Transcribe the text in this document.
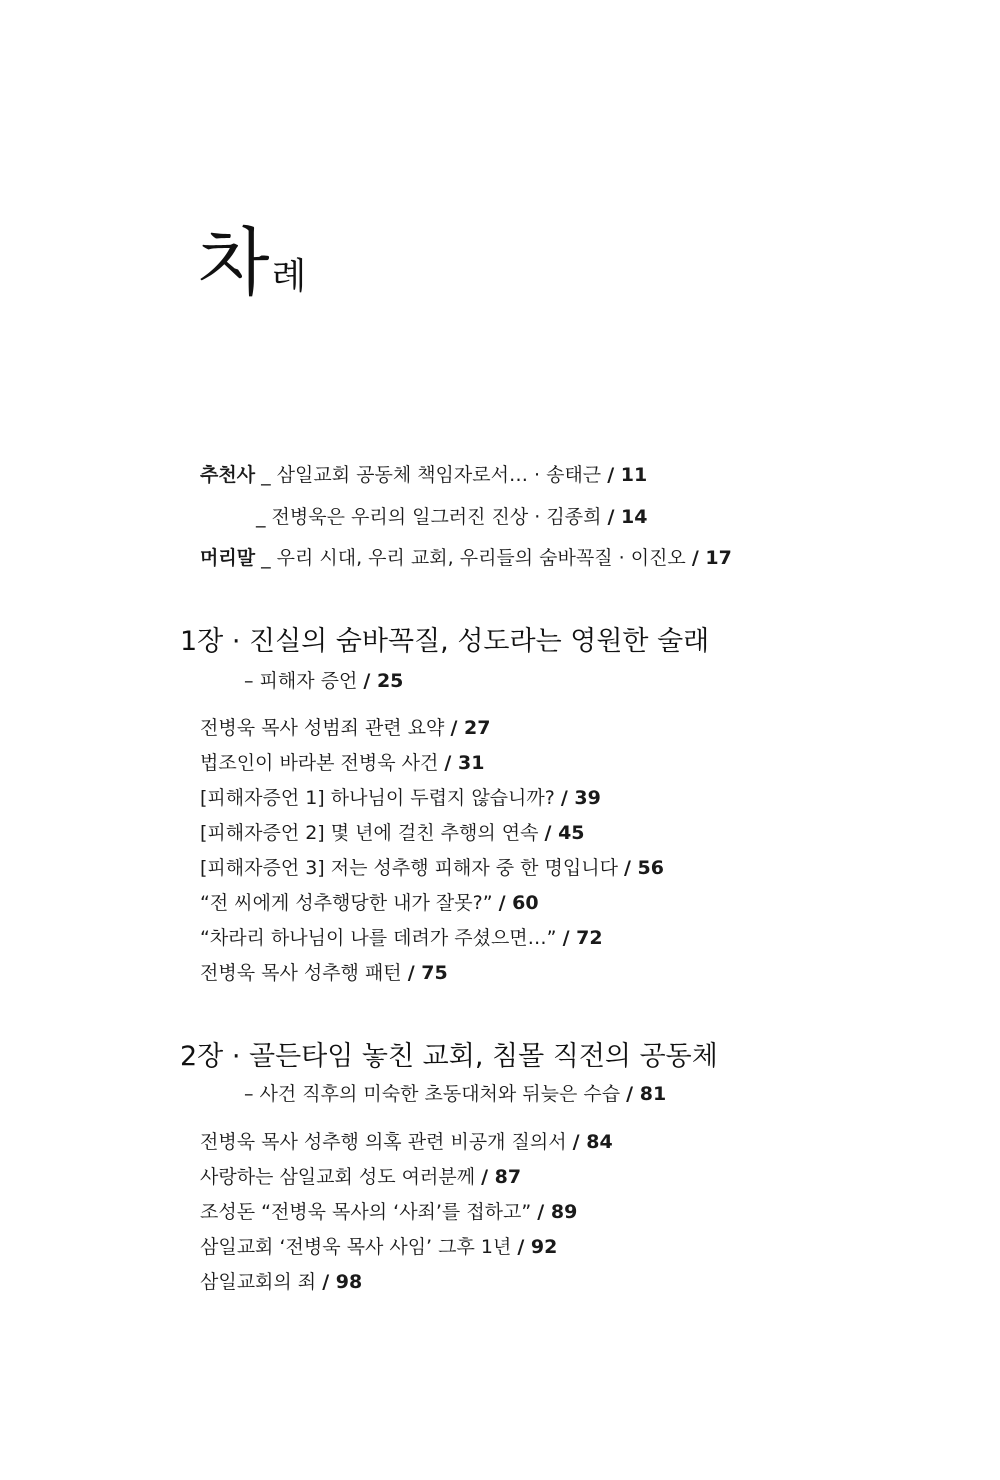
차례
추천사 _ 삼일교회 공동체 책임자로서… · 송태근 / 11
_ 전병욱은 우리의 일그러진 진상 · 김종희 / 14
머리말 _ 우리 시대, 우리 교회, 우리들의 숨바꼭질 · 이진오 / 17
1장 · 진실의 숨바꼭질, 성도라는 영원한 술래
– 피해자 증언 / 25
전병욱 목사 성범죄 관련 요약 / 27
법조인이 바라본 전병욱 사건 / 31
[피해자증언 1] 하나님이 두렵지 않습니까? / 39
[피해자증언 2] 몇 년에 걸친 추행의 연속 / 45
[피해자증언 3] 저는 성추행 피해자 중 한 명입니다 / 56
“전 씨에게 성추행당한 내가 잘못?” / 60
“차라리 하나님이 나를 데려가 주셨으면…” / 72
전병욱 목사 성추행 패턴 / 75
2장 · 골든타임 놓친 교회, 침몰 직전의 공동체
– 사건 직후의 미숙한 초동대처와 뒤늦은 수습 / 81
전병욱 목사 성추행 의혹 관련 비공개 질의서 / 84
사랑하는 삼일교회 성도 여러분께 / 87
조성돈 “전병욱 목사의 ‘사죄’를 접하고” / 89
삼일교회 ‘전병욱 목사 사임’ 그후 1년 / 92
삼일교회의 죄 / 98
